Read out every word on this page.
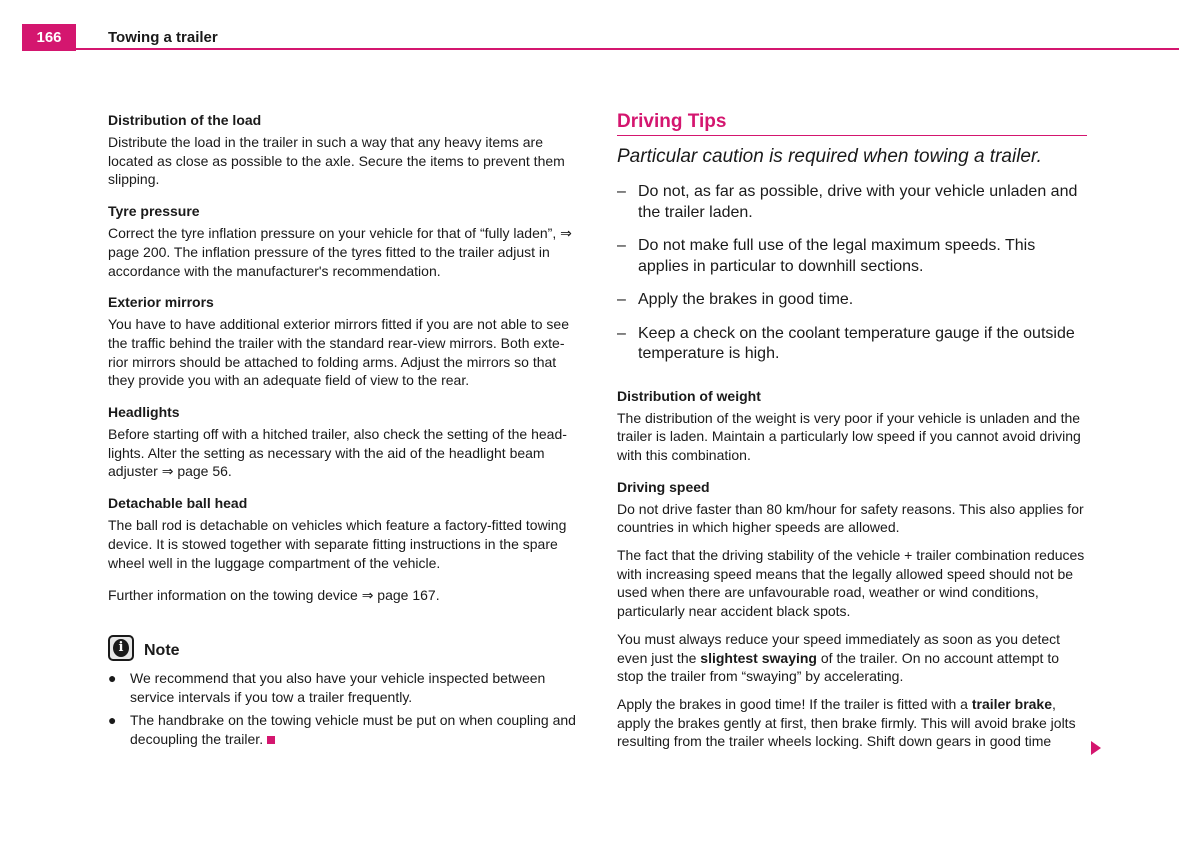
166	Towing a trailer
Distribution of the load

Distribute the load in the trailer in such a way that any heavy items are located as close as possible to the axle. Secure the items to prevent them slipping.

Tyre pressure

Correct the tyre inflation pressure on your vehicle for that of “fully laden”, ⇒ page 200. The inflation pressure of the tyres fitted to the trailer adjust in accordance with the manufacturer's recommendation.

Exterior mirrors

You have to have additional exterior mirrors fitted if you are not able to see the traffic behind the trailer with the standard rear-view mirrors. Both exte- rior mirrors should be attached to folding arms. Adjust the mirrors so that they provide you with an adequate field of view to the rear.

Headlights

Before starting off with a hitched trailer, also check the setting of the head- lights. Alter the setting as necessary with the aid of the headlight beam adjuster ⇒ page 56.

Detachable ball head

The ball rod is detachable on vehicles which feature a factory-fitted towing device. It is stowed together with separate fitting instructions in the spare wheel well in the luggage compartment of the vehicle.

Further information on the towing device ⇒ page 167.

i	Note
● We recommend that you also have your vehicle inspected between service intervals if you tow a trailer frequently.

● The handbrake on the towing vehicle must be put on when coupling and decoupling the trailer.

Driving Tips
Particular caution is required when towing a trailer.
– Do not, as far as possible, drive with your vehicle unladen and the trailer laden.
– Do not make full use of the legal maximum speeds. This applies in particular to downhill sections.
– Apply the brakes in good time.
– Keep a check on the coolant temperature gauge if the outside temperature is high.
Distribution of weight

The distribution of the weight is very poor if your vehicle is unladen and the trailer is laden. Maintain a particularly low speed if you cannot avoid driving with this combination.

Driving speed

Do not drive faster than 80 km/hour for safety reasons. This also applies for countries in which higher speeds are allowed.

The fact that the driving stability of the vehicle + trailer combination reduces with increasing speed means that the legally allowed speed should not be used when there are unfavourable road, weather or wind conditions, particularly near accident black spots.

You must always reduce your speed immediately as soon as you detect even just the slightest swaying of the trailer. On no account attempt to stop the trailer from “swaying” by accelerating.

Apply the brakes in good time! If the trailer is fitted with a trailer brake, apply the brakes gently at first, then brake firmly. This will avoid brake jolts resulting from the trailer wheels locking. Shift down gears in good time
